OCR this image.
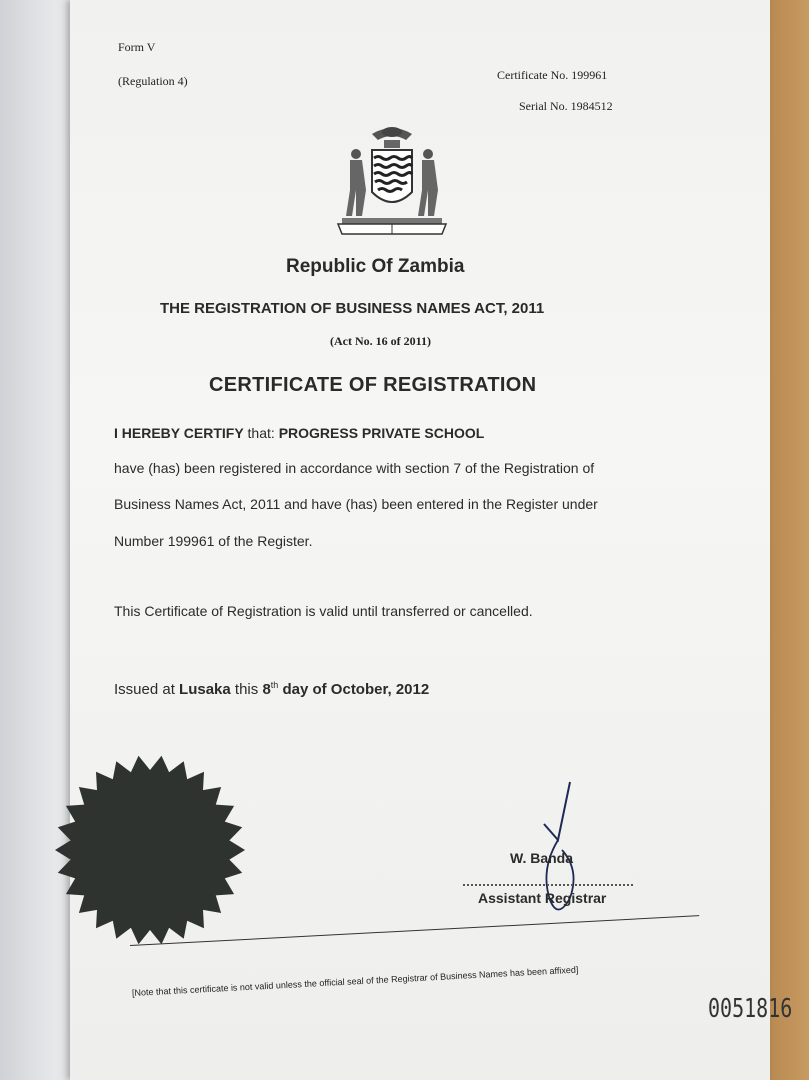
Form V
(Regulation 4)	Certificate No. 199961
Serial No. 1984512
Republic Of Zambia
THE REGISTRATION OF BUSINESS NAMES ACT, 2011
(Act No. 16 of 2011)
CERTIFICATE OF REGISTRATION
I HEREBY CERTIFY that: PROGRESS PRIVATE SCHOOL
have (has) been registered in accordance with section 7 of the Registration of
Business Names Act, 2011 and have (has) been entered in the Register under
Number 199961 of the Register.
This Certificate of Registration is valid until transferred or cancelled.
Issued at Lusaka this 8th day of October, 2012
W. Banda
Assistant Registrar
[Note that this certificate is not valid unless the official seal of the Registrar of Business Names has been affixed]
0051816
